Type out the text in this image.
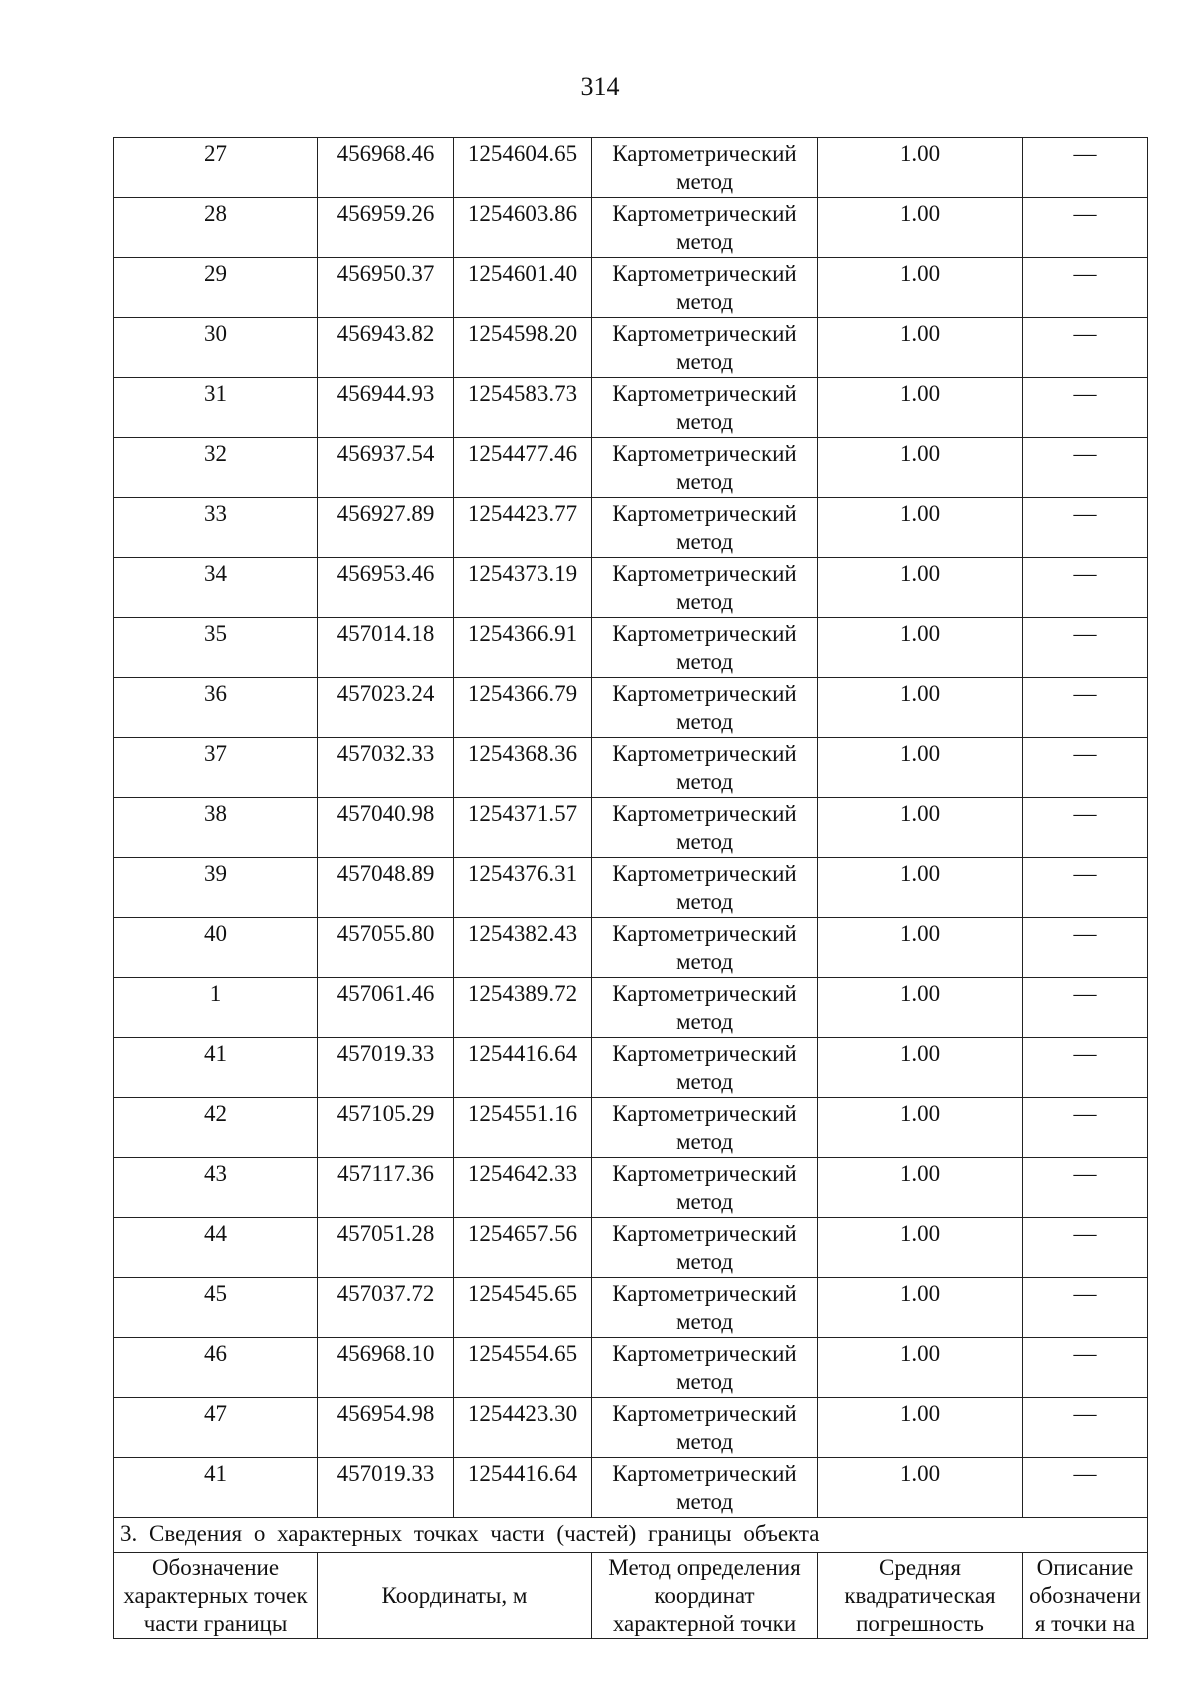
314
27	456968.46	1254604.65	Картометрический метод	1.00	—
28	456959.26	1254603.86	Картометрический метод	1.00	—
29	456950.37	1254601.40	Картометрический метод	1.00	—
30	456943.82	1254598.20	Картометрический метод	1.00	—
31	456944.93	1254583.73	Картометрический метод	1.00	—
32	456937.54	1254477.46	Картометрический метод	1.00	—
33	456927.89	1254423.77	Картометрический метод	1.00	—
34	456953.46	1254373.19	Картометрический метод	1.00	—
35	457014.18	1254366.91	Картометрический метод	1.00	—
36	457023.24	1254366.79	Картометрический метод	1.00	—
37	457032.33	1254368.36	Картометрический метод	1.00	—
38	457040.98	1254371.57	Картометрический метод	1.00	—
39	457048.89	1254376.31	Картометрический метод	1.00	—
40	457055.80	1254382.43	Картометрический метод	1.00	—
1	457061.46	1254389.72	Картометрический метод	1.00	—
41	457019.33	1254416.64	Картометрический метод	1.00	—
42	457105.29	1254551.16	Картометрический метод	1.00	—
43	457117.36	1254642.33	Картометрический метод	1.00	—
44	457051.28	1254657.56	Картометрический метод	1.00	—
45	457037.72	1254545.65	Картометрический метод	1.00	—
46	456968.10	1254554.65	Картометрический метод	1.00	—
47	456954.98	1254423.30	Картометрический метод	1.00	—
41	457019.33	1254416.64	Картометрический метод	1.00	—
3. Сведения о характерных точках части (частей) границы объекта					
Обозначение характерных точек части границы	Координаты, м		Метод определения координат характерной точки	Средняя квадратическая погрешность	Описание обозначени я точки на
